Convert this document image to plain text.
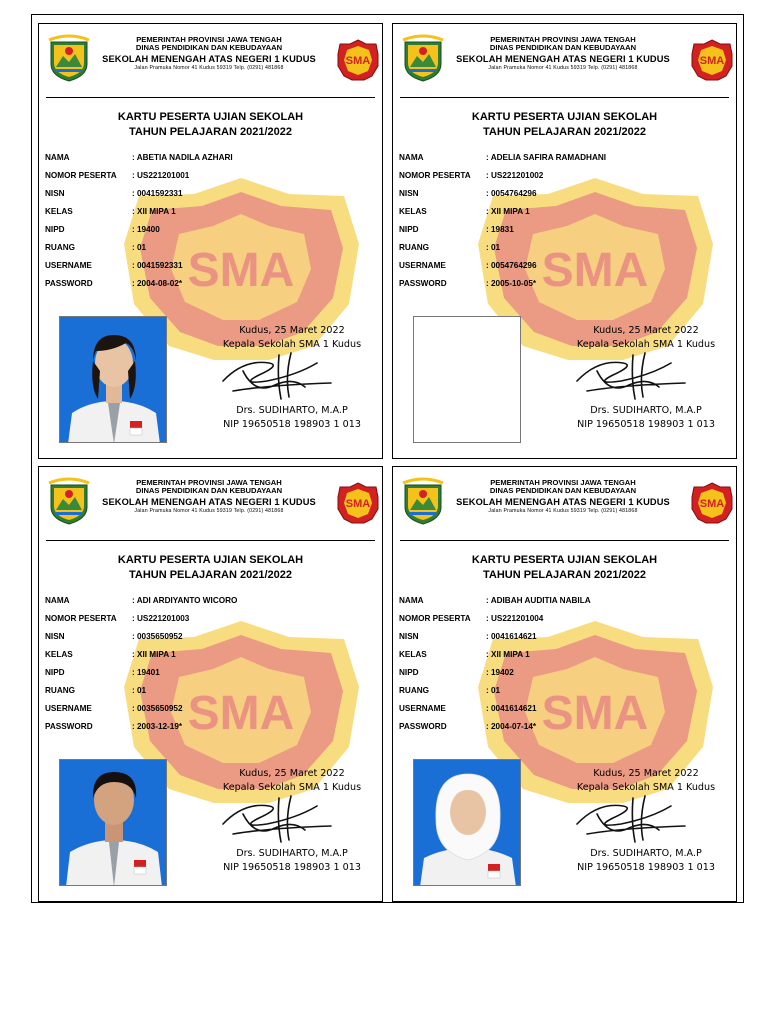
PEMERINTAH PROVINSI JAWA TENGAH
DINAS PENDIDIKAN DAN KEBUDAYAAN
SEKOLAH MENENGAH ATAS NEGERI 1 KUDUS
Jalan Pramuka Nomor 41 Kudus 59319 Telp. (0291) 481868
KARTU PESERTA UJIAN SEKOLAH
TAHUN PELAJARAN 2021/2022
NAMA	: ABETIA NADILA AZHARI
NOMOR PESERTA : US221201001
NISN	: 0041592331
KELAS	: XII MIPA 1
NIPD	: 19400
RUANG	: 01
USERNAME	: 0041592331
PASSWORD	: 2004-08-02*
Kudus, 25 Maret 2022
Kepala Sekolah SMA 1 Kudus
Drs. SUDIHARTO, M.A.P
NIP 19650518 198903 1 013
PEMERINTAH PROVINSI JAWA TENGAH
DINAS PENDIDIKAN DAN KEBUDAYAAN
SEKOLAH MENENGAH ATAS NEGERI 1 KUDUS
Jalan Pramuka Nomor 41 Kudus 59319 Telp. (0291) 481868
KARTU PESERTA UJIAN SEKOLAH
TAHUN PELAJARAN 2021/2022
NAMA	: ADELIA SAFIRA RAMADHANI
NOMOR PESERTA : US221201002
NISN	: 0054764296
KELAS	: XII MIPA 1
NIPD	: 19831
RUANG	: 01
USERNAME	: 0054764296
PASSWORD	: 2005-10-05*
Kudus, 25 Maret 2022
Kepala Sekolah SMA 1 Kudus
Drs. SUDIHARTO, M.A.P
NIP 19650518 198903 1 013
PEMERINTAH PROVINSI JAWA TENGAH
DINAS PENDIDIKAN DAN KEBUDAYAAN
SEKOLAH MENENGAH ATAS NEGERI 1 KUDUS
Jalan Pramuka Nomor 41 Kudus 59319 Telp. (0291) 481868
KARTU PESERTA UJIAN SEKOLAH
TAHUN PELAJARAN 2021/2022
NAMA	: ADI ARDIYANTO WICORO
NOMOR PESERTA : US221201003
NISN	: 0035650952
KELAS	: XII MIPA 1
NIPD	: 19401
RUANG	: 01
USERNAME	: 0035650952
PASSWORD	: 2003-12-19*
Kudus, 25 Maret 2022
Kepala Sekolah SMA 1 Kudus
Drs. SUDIHARTO, M.A.P
NIP 19650518 198903 1 013
PEMERINTAH PROVINSI JAWA TENGAH
DINAS PENDIDIKAN DAN KEBUDAYAAN
SEKOLAH MENENGAH ATAS NEGERI 1 KUDUS
Jalan Pramuka Nomor 41 Kudus 59319 Telp. (0291) 481868
KARTU PESERTA UJIAN SEKOLAH
TAHUN PELAJARAN 2021/2022
NAMA	: ADIBAH AUDITIA NABILA
NOMOR PESERTA : US221201004
NISN	: 0041614621
KELAS	: XII MIPA 1
NIPD	: 19402
RUANG	: 01
USERNAME	: 0041614621
PASSWORD	: 2004-07-14*
Kudus, 25 Maret 2022
Kepala Sekolah SMA 1 Kudus
Drs. SUDIHARTO, M.A.P
NIP 19650518 198903 1 013
